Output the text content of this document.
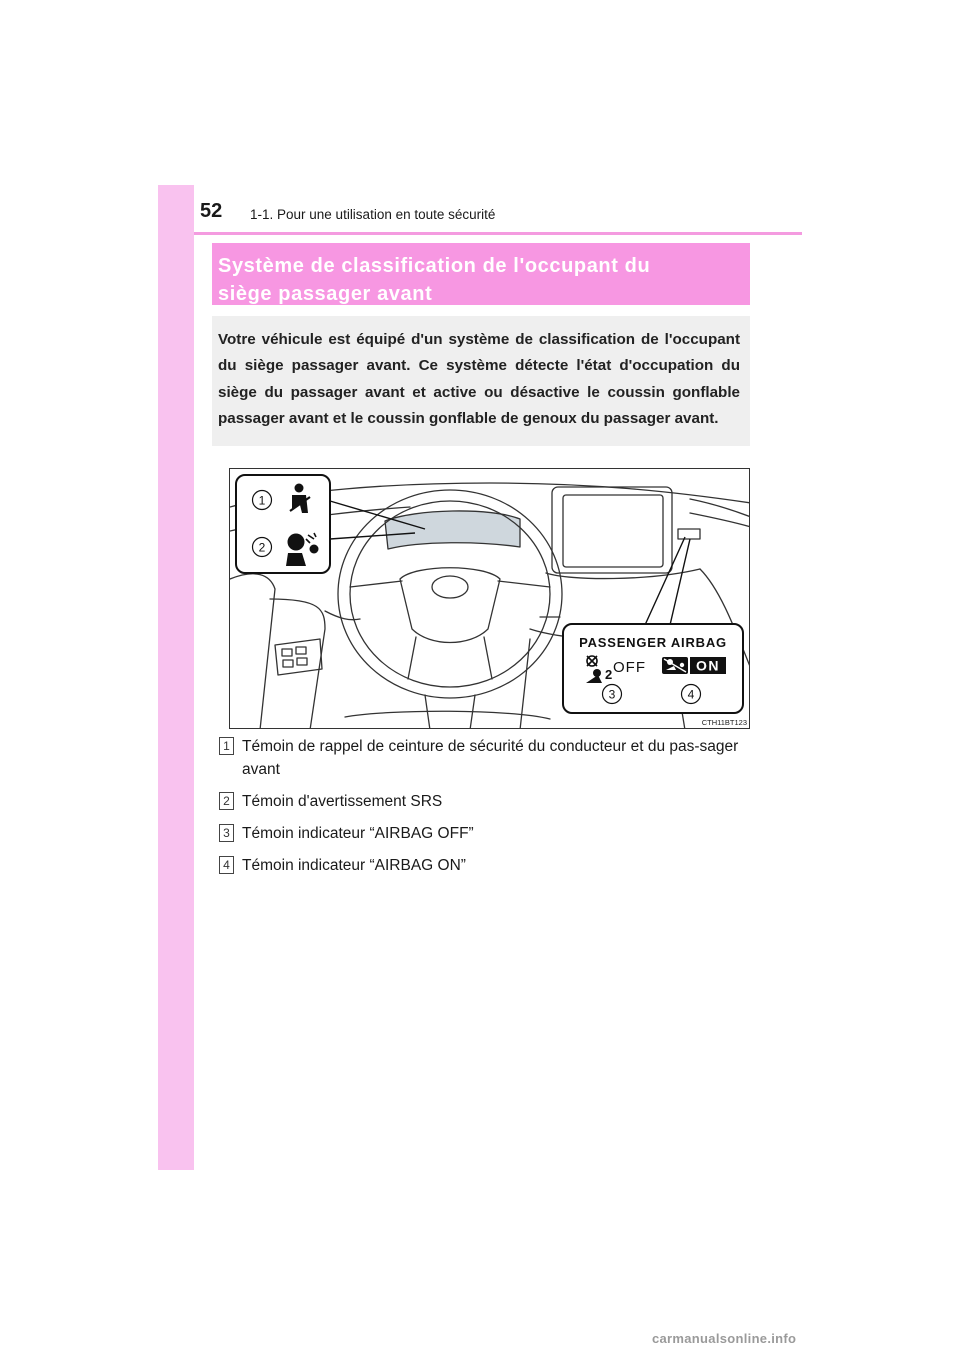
52 1-1. Pour une utilisation en toute sécurité
Système de classification de l'occupant du
siège passager avant

Votre véhicule est équipé d'un système de classification de l'occupant du siège passager avant. Ce système détecte l'état d'occupation du siège du passager avant et active ou désactive le coussin gonflable passager avant et le coussin gonflable de genoux du passager avant.

1
2
PASSENGER AIRBAG
2 OFF	ON
3	4
CTH11BT123
1 Témoin de rappel de ceinture de sécurité du conducteur et du pas-sager avant
2 Témoin d'avertissement SRS
3 Témoin indicateur “AIRBAG OFF”
4 Témoin indicateur “AIRBAG ON”
carmanualsonline.info
